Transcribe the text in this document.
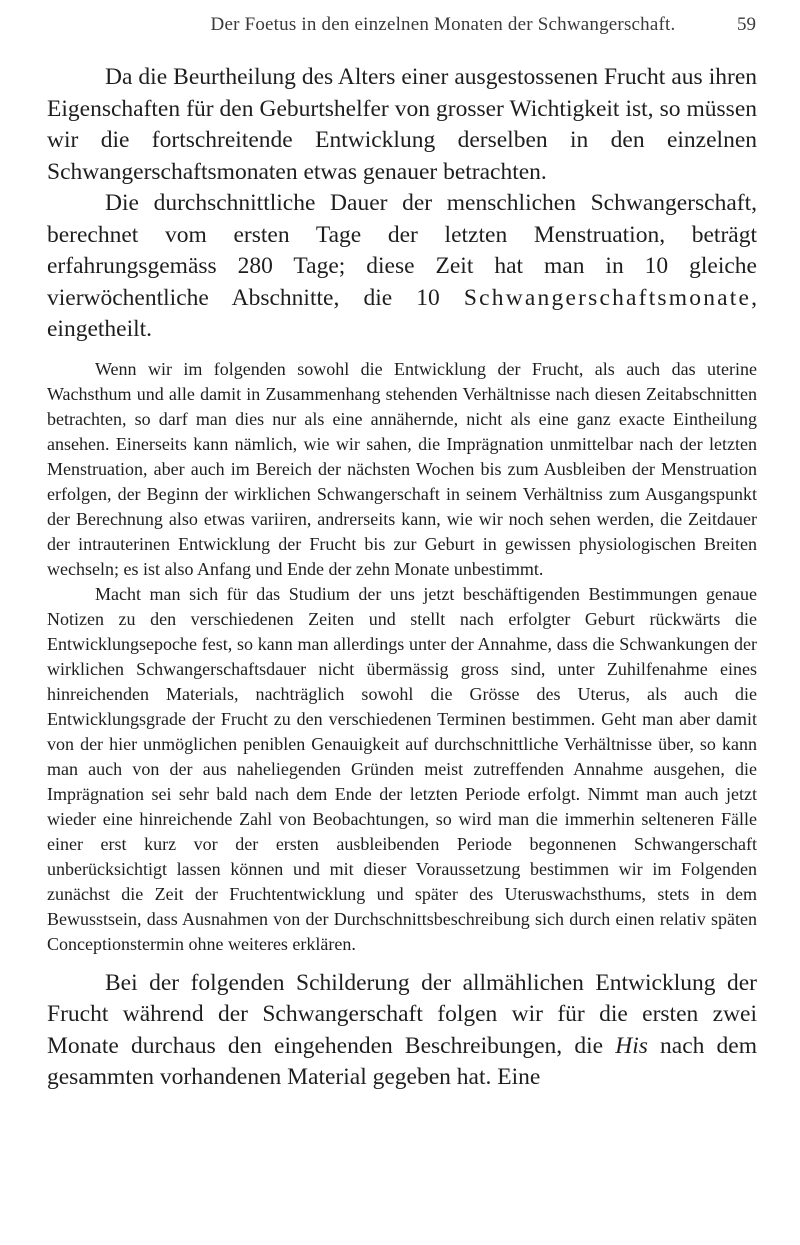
Der Foetus in den einzelnen Monaten der Schwangerschaft.	59

Da die Beurtheilung des Alters einer ausgestossenen Frucht aus ihren Eigenschaften für den Geburtshelfer von grosser Wichtigkeit ist, so müssen wir die fortschreitende Entwicklung derselben in den einzelnen Schwangerschaftsmonaten etwas genauer betrachten.

Die durchschnittliche Dauer der menschlichen Schwangerschaft, berechnet vom ersten Tage der letzten Menstruation, beträgt erfahrungsgemäss 280 Tage; diese Zeit hat man in 10 gleiche vierwöchentliche Abschnitte, die 10 Schwangerschaftsmonate, eingetheilt.

Wenn wir im folgenden sowohl die Entwicklung der Frucht, als auch das uterine Wachsthum und alle damit in Zusammenhang stehenden Verhältnisse nach diesen Zeitabschnitten betrachten, so darf man dies nur als eine annähernde, nicht als eine ganz exacte Eintheilung ansehen. Einerseits kann nämlich, wie wir sahen, die Imprägnation unmittelbar nach der letzten Menstruation, aber auch im Bereich der nächsten Wochen bis zum Ausbleiben der Menstruation erfolgen, der Beginn der wirklichen Schwangerschaft in seinem Verhältniss zum Ausgangspunkt der Berechnung also etwas variiren, andrerseits kann, wie wir noch sehen werden, die Zeitdauer der intrauterinen Entwicklung der Frucht bis zur Geburt in gewissen physiologischen Breiten wechseln; es ist also Anfang und Ende der zehn Monate unbestimmt.

Macht man sich für das Studium der uns jetzt beschäftigenden Bestimmungen genaue Notizen zu den verschiedenen Zeiten und stellt nach erfolgter Geburt rückwärts die Entwicklungsepoche fest, so kann man allerdings unter der Annahme, dass die Schwankungen der wirklichen Schwangerschaftsdauer nicht übermässig gross sind, unter Zuhilfenahme eines hinreichenden Materials, nachträglich sowohl die Grösse des Uterus, als auch die Entwicklungsgrade der Frucht zu den verschiedenen Terminen bestimmen. Geht man aber damit von der hier unmöglichen peniblen Genauigkeit auf durchschnittliche Verhältnisse über, so kann man auch von der aus naheliegenden Gründen meist zutreffenden Annahme ausgehen, die Imprägnation sei sehr bald nach dem Ende der letzten Periode erfolgt. Nimmt man auch jetzt wieder eine hinreichende Zahl von Beobachtungen, so wird man die immerhin selteneren Fälle einer erst kurz vor der ersten ausbleibenden Periode begonnenen Schwangerschaft unberücksichtigt lassen können und mit dieser Voraussetzung bestimmen wir im Folgenden zunächst die Zeit der Fruchtentwicklung und später des Uteruswachsthums, stets in dem Bewusstsein, dass Ausnahmen von der Durchschnittsbeschreibung sich durch einen relativ späten Conceptionstermin ohne weiteres erklären.

Bei der folgenden Schilderung der allmählichen Entwicklung der Frucht während der Schwangerschaft folgen wir für die ersten zwei Monate durchaus den eingehenden Beschreibungen, die His nach dem gesammten vorhandenen Material gegeben hat. Eine
